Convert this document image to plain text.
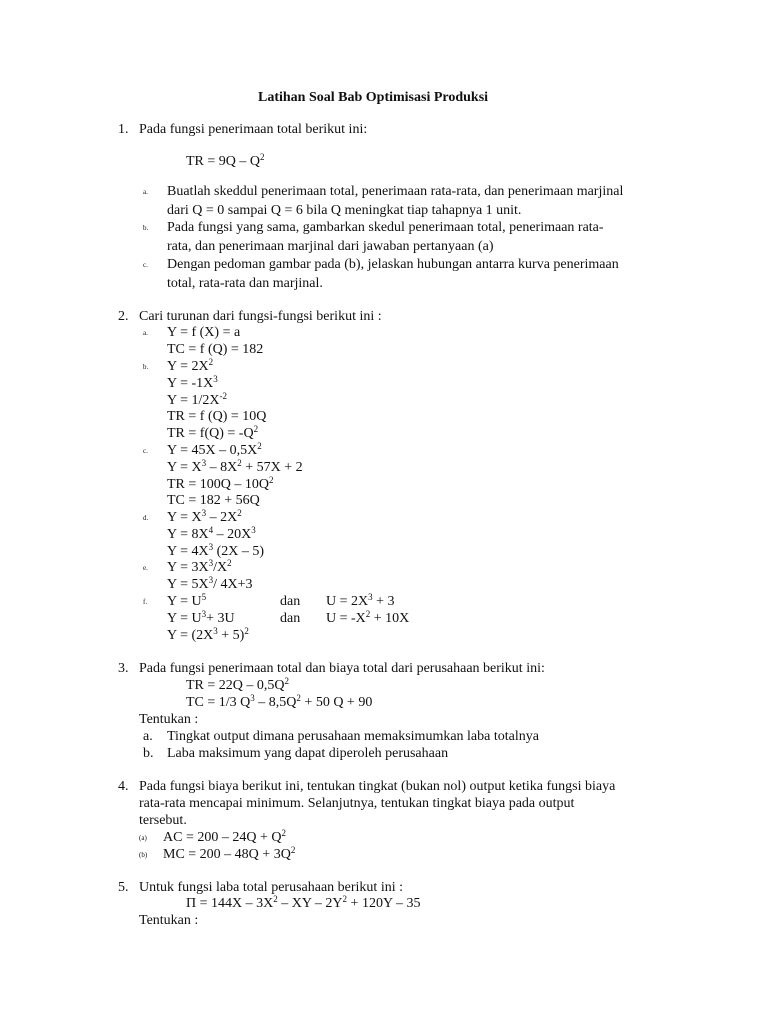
Latihan Soal Bab Optimisasi Produksi
1. Pada fungsi penerimaan total berikut ini:
TR = $9Q - Q^2$
a. Buatlah skeddul penerimaan total, penerimaan rata-rata, dan penerimaan marjinal
dari Q = 0 sampai Q = 6 bila Q meningkat tiap tahapnya 1 unit.
b. Pada fungsi yang sama, gambarkan skedul penerimaan total, penerimaan rata-
rata, dan penerimaan marjinal dari jawaban pertanyaan (a)
c. Dengan pedoman gambar pada (b), jelaskan hubungan antarra kurva penerimaan
total, rata-rata dan marjinal.
2. Cari turunan dari fungsi-fungsi berikut ini :
a. Y = f (X) = a
TC = f (Q) = 182
b. $Y = 2X^2$
$Y = -1X^3$
$Y = 1/2X^{-2}$
TR = f (Q) = 10Q
TR = $f(Q) = -Q^2$
c. $Y = 45X - 0,5X^2$
$Y = X^3 - 8X^2 + 57X + 2$
TR = $100Q - 10Q^2$
TC = 182 + 56Q
d. $Y = X^3 - 2X^2$
$Y = 8X^4 - 20X^3$
$Y = 4X^3$ (2X – 5)
e. $Y = 3X^3/X^2$
$Y = 5X^3/$ 4X+3
f. $Y = U^5$	dan $U = 2X^3 + 3$
$Y = U^3+ 3U$	dan $U = -X^2 + 10X$
$Y = (2X^3 + 5)^2$
3. Pada fungsi penerimaan total dan biaya total dari perusahaan berikut ini:
TR = $22Q - 0,5Q^2$
TC = 1/3 $Q^3 - 8,5Q^2 + 50$ Q + 90
Tentukan :
a. Tingkat output dimana perusahaan memaksimumkan laba totalnya
b. Laba maksimum yang dapat diperoleh perusahaan
4. Pada fungsi biaya berikut ini, tentukan tingkat (bukan nol) output ketika fungsi biaya
rata-rata mencapai minimum. Selanjutnya, tentukan tingkat biaya pada output
tersebut.
(a) AC = $200 - 24Q + Q^2$
(b) MC = $200 - 48Q + 3Q^2$
5. Untuk fungsi laba total perusahaan berikut ini :
$\Pi = 144X - 3X^2$ – XY – $2Y^2 + 120Y - 35$
Tentukan :
